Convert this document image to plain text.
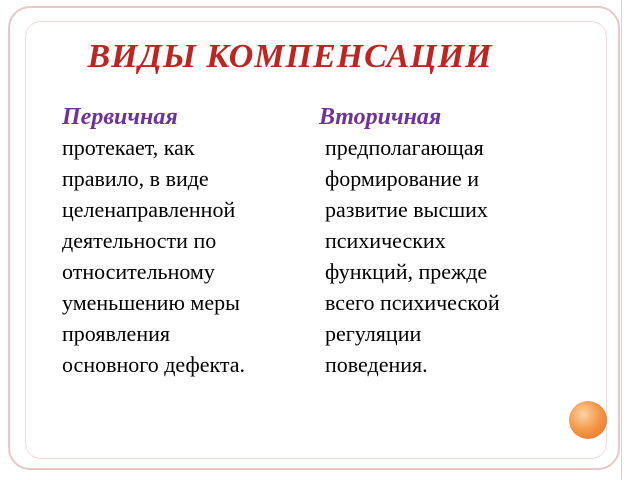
ВИДЫ КОМПЕНСАЦИИ

Первичная

протекает, как
правило, в виде
целенаправленной
деятельности по
относительному
уменьшению меры
проявления
основного дефекта.

Вторичная

предполагающая
формирование и
развитие высших
психических
функций, прежде
всего психической
регуляции
поведения.
